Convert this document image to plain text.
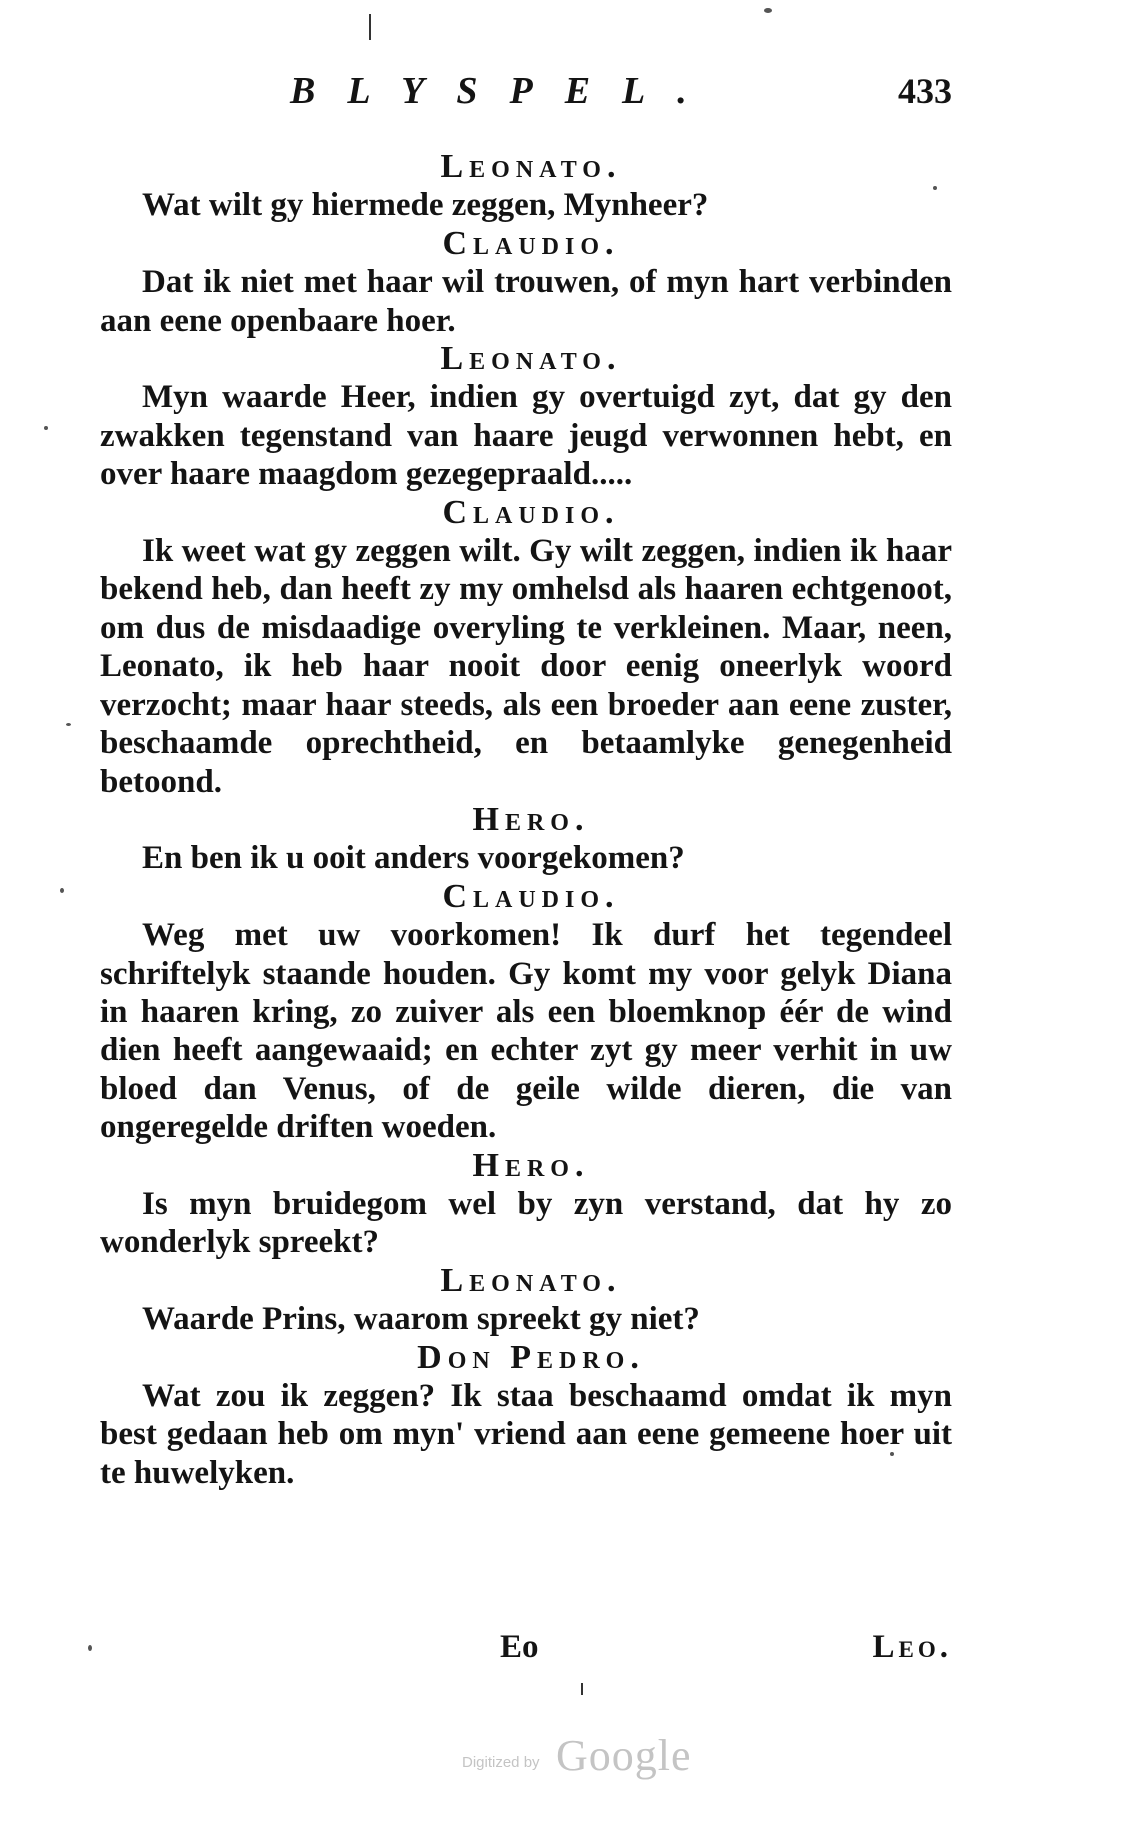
BLYSPEL.	433
Leonato.

Wat wilt gy hiermede zeggen, Mynheer?

Claudio.

Dat ik niet met haar wil trouwen, of myn hart verbinden aan eene openbaare hoer.

Leonato.

Myn waarde Heer, indien gy overtuigd zyt, dat gy den zwakken tegenstand van haare jeugd verwonnen hebt, en over haare maagdom gezegepraald.....

Claudio.

Ik weet wat gy zeggen wilt. Gy wilt zeggen, indien ik haar bekend heb, dan heeft zy my omhelsd als haaren echtgenoot, om dus de misdaadige overyling te verkleinen. Maar, neen, Leonato, ik heb haar nooit door eenig oneerlyk woord verzocht; maar haar steeds, als een broeder aan eene zuster, beschaamde oprechtheid, en betaamlyke genegenheid betoond.

Hero.

En ben ik u ooit anders voorgekomen?

Claudio.

Weg met uw voorkomen! Ik durf het tegendeel schriftelyk staande houden. Gy komt my voor gelyk Diana in haaren kring, zo zuiver als een bloemknop éér de wind dien heeft aangewaaid; en echter zyt gy meer verhit in uw bloed dan Venus, of de geile wilde dieren, die van ongeregelde driften woeden.

Hero.

Is myn bruidegom wel by zyn verstand, dat hy zo wonderlyk spreekt?

Leonato.

Waarde Prins, waarom spreekt gy niet?

Don Pedro.

Wat zou ik zeggen? Ik staa beschaamd omdat ik myn best gedaan heb om myn' vriend aan eene gemeene hoer uit te huwelyken.

Eo	Leo.
Digitized by Google
